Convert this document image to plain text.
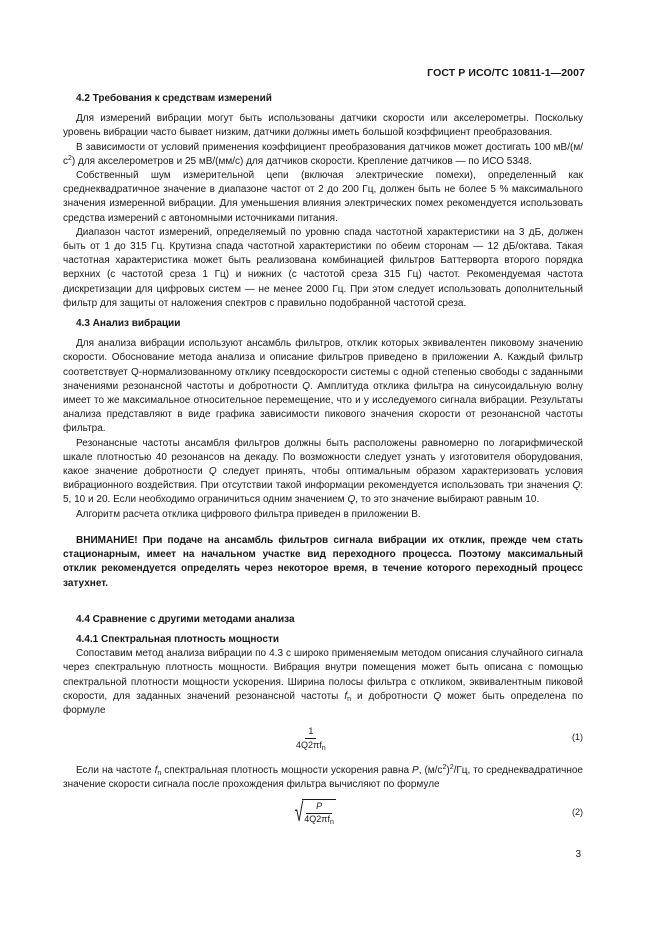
ГОСТ Р ИСО/ТС 10811-1—2007
4.2 Требования к средствам измерений

Для измерений вибрации могут быть использованы датчики скорости или акселерометры. Поскольку уровень вибрации часто бывает низким, датчики должны иметь большой коэффициент преобразования.

В зависимости от условий применения коэффициент преобразования датчиков может достигать 100 $мВ/(м/с^2)$ для акселерометров и 25 мВ/(мм/с) для датчиков скорости. Крепление датчиков — по ИСО 5348.

Собственный шум измерительной цепи (включая электрические помехи), определенный как среднеквадратичное значение в диапазоне частот от 2 до 200 Гц, должен быть не более 5 % максимального значения измеренной вибрации. Для уменьшения влияния электрических помех рекомендуется использовать средства измерений с автономными источниками питания.

Диапазон частот измерений, определяемый по уровню спада частотной характеристики на 3 дБ, должен быть от 1 до 315 Гц. Крутизна спада частотной характеристики по обеим сторонам — 12 дБ/октава. Такая частотная характеристика может быть реализована комбинацией фильтров Баттерворта второго порядка верхних (с частотой среза 1 Гц) и нижних (с частотой среза 315 Гц) частот. Рекомендуемая частота дискретизации для цифровых систем — не менее 2000 Гц. При этом следует использовать дополнительный фильтр для защиты от наложения спектров с правильно подобранной частотой среза.

4.3 Анализ вибрации

Для анализа вибрации используют ансамбль фильтров, отклик которых эквивалентен пиковому значению скорости. Обоснование метода анализа и описание фильтров приведено в приложении А. Каждый фильтр соответствует Q-нормализованному отклику псевдоскорости системы с одной степенью свободы с заданными значениями резонансной частоты и добротности Q. Амплитуда отклика фильтра на синусоидальную волну имеет то же максимальное относительное перемещение, что и у исследуемого сигнала вибрации. Результаты анализа представляют в виде графика зависимости пикового значения скорости от резонансной частоты фильтра.

Резонансные частоты ансамбля фильтров должны быть расположены равномерно по логарифмической шкале плотностью 40 резонансов на декаду. По возможности следует узнать у изготовителя оборудования, какое значение добротности Q следует принять, чтобы оптимальным образом характеризовать условия вибрационного воздействия. При отсутствии такой информации рекомендуется использовать три значения Q: 5, 10 и 20. Если необходимо ограничиться одним значением Q, то это значение выбирают равным 10.

Алгоритм расчета отклика цифрового фильтра приведен в приложении В.

ВНИМАНИЕ! При подаче на ансамбль фильтров сигнала вибрации их отклик, прежде чем стать стационарным, имеет на начальном участке вид переходного процесса. Поэтому максимальный отклик рекомендуется определять через некоторое время, в течение которого переходный процесс затухнет.

4.4 Сравнение с другими методами анализа
4.4.1 Спектральная плотность мощности

Сопоставим метод анализа вибрации по 4.3 с широко применяемым методом описания случайного сигнала через спектральную плотность мощности. Вибрация внутри помещения может быть описана с помощью спектральной плотности мощности ускорения. Ширина полосы фильтра с откликом, эквивалентным пиковой скорости, для заданных значений резонансной частоты $f_n$ и добротности Q может быть определена по формуле

1
$4Q2\pi f_n$
(1)

Если на частоте $f_n$ спектральная плотность мощности ускорения равна P, $(м/с^2)^2/Гц$, то среднеквадратичное значение скорости сигнала после прохождения фильтра вычисляют по формуле

√ $\frac{P}{4Q2\pi f_n}$	(2)
3
